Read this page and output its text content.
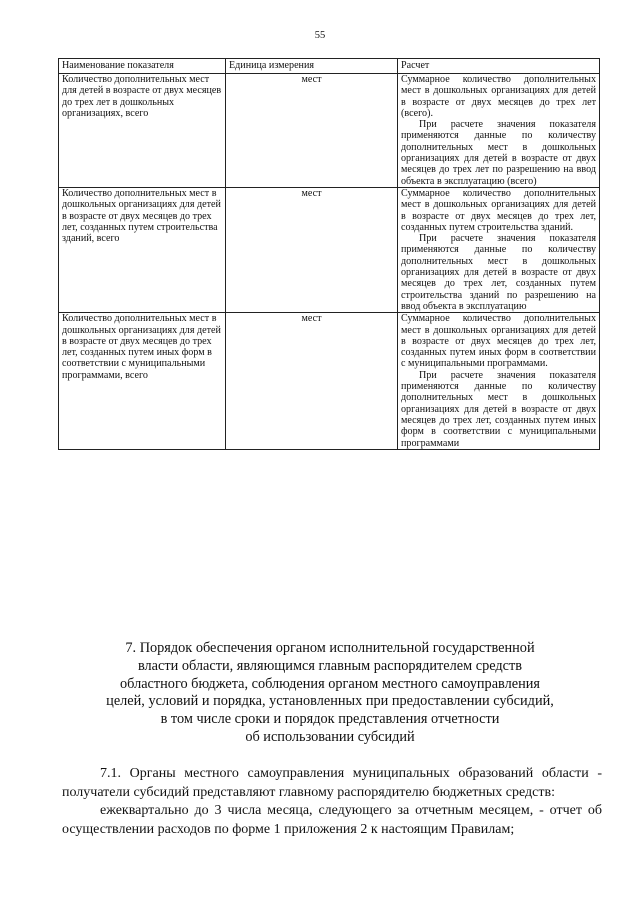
55
Наименование показателя	Единица измерения	Расчет
Количество дополнительных мест для детей в возрасте от двух месяцев до трех лет в дошкольных организациях, всего	мест	Суммарное количество дополнительных мест в дошкольных организациях для детей в возрасте от двух месяцев до трех лет (всего).

При расчете значения показателя применяются данные по количеству дополнительных мест в дошкольных организациях для детей в возрасте от двух месяцев до трех лет по разрешению на ввод объекта в эксплуатацию (всего)

Количество дополнительных мест в дошкольных организациях для детей в возрасте от двух месяцев до трех лет, созданных путем строительства зданий, всего	мест	Суммарное количество дополнительных мест в дошкольных организациях для детей в возрасте от двух месяцев до трех лет, созданных путем строительства зданий.

При расчете значения показателя применяются данные по количеству дополнительных мест в дошкольных организациях для детей в возрасте от двух месяцев до трех лет, созданных путем строительства зданий по разрешению на ввод объекта в эксплуатацию

Количество дополнительных мест в дошкольных организациях для детей в возрасте от двух месяцев до трех лет, созданных путем иных форм в соответствии с муниципальными программами, всего	мест	Суммарное количество дополнительных мест в дошкольных организациях для детей в возрасте от двух месяцев до трех лет, созданных путем иных форм в соответствии с муниципальными программами.

При расчете значения показателя применяются данные по количеству дополнительных мест в дошкольных организациях для детей в возрасте от двух месяцев до трех лет, созданных путем иных форм в соответствии с муниципальными программами

7. Порядок обеспечения органом исполнительной государственной
власти области, являющимся главным распорядителем средств
областного бюджета, соблюдения органом местного самоуправления
целей, условий и порядка, установленных при предоставлении субсидий,
в том числе сроки и порядок представления отчетности
об использовании субсидий

7.1. Органы местного самоуправления муниципальных образований области - получатели субсидий представляют главному распорядителю бюджетных средств:

ежеквартально до 3 числа месяца, следующего за отчетным месяцем, - отчет об осуществлении расходов по форме 1 приложения 2 к настоящим Правилам;
